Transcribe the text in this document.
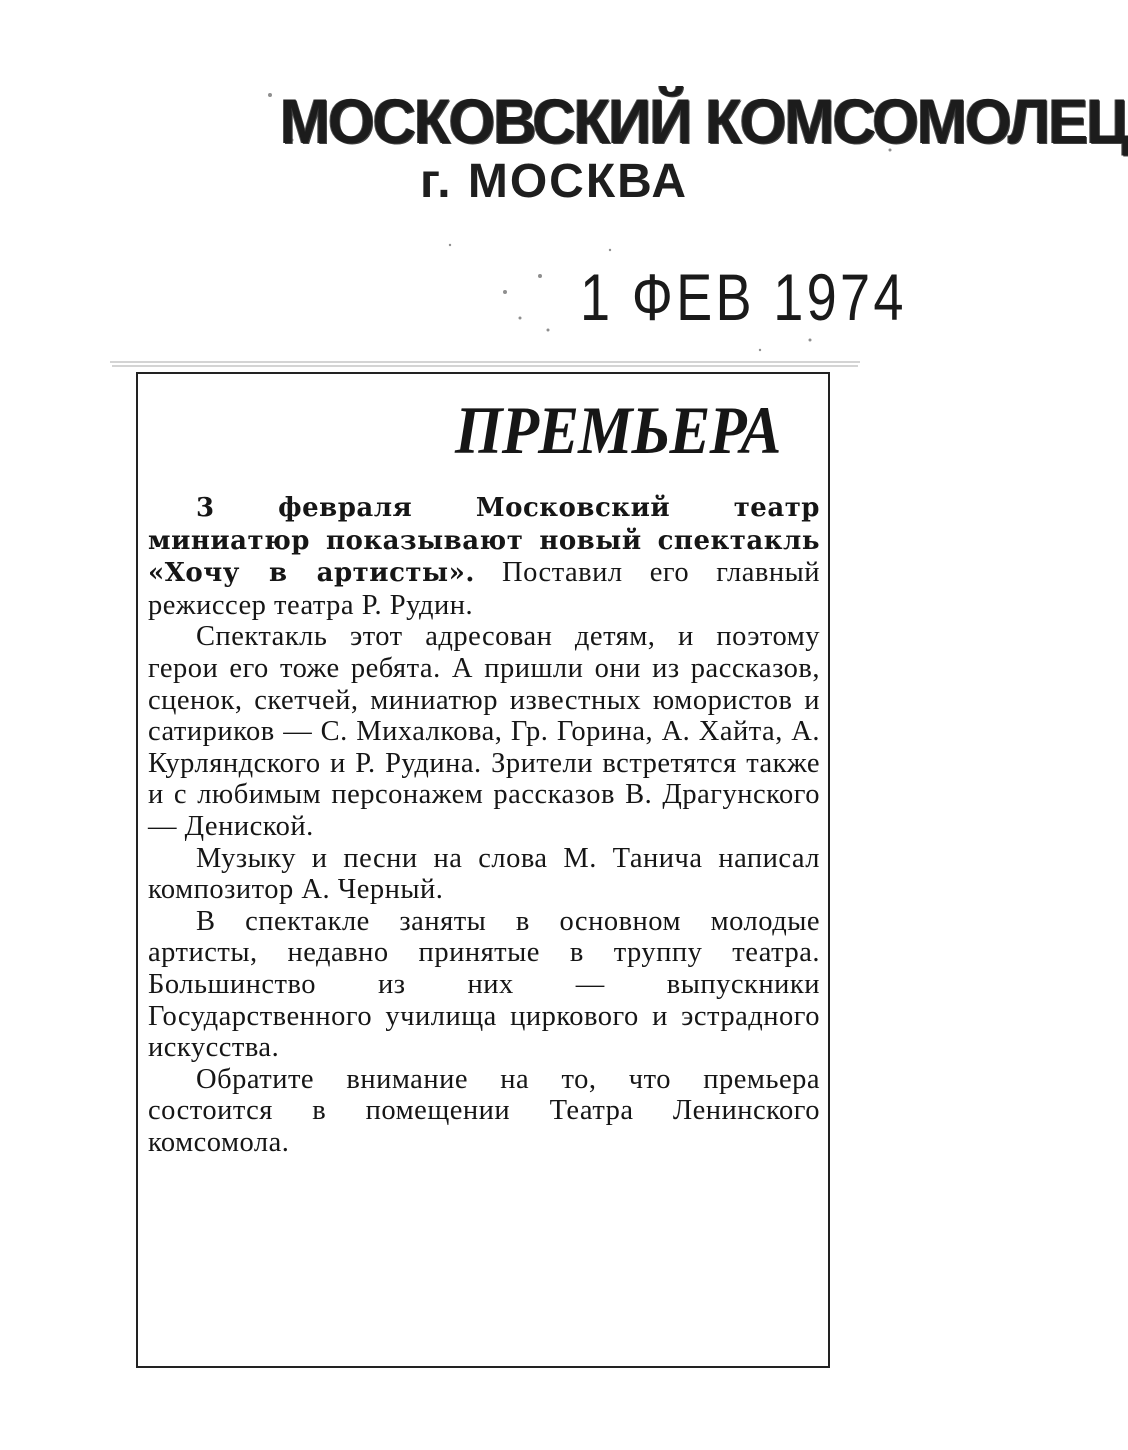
МОСКОВСКИЙ КОМСОМОЛЕЦ
г. МОСКВА
1 ФЕВ 1974
ПРЕМЬЕРА

3 февраля Московский театр миниатюр показывают новый спектакль «Хочу в артисты». Поставил его главный режиссер театра Р. Рудин.

Спектакль этот адресован детям, и поэтому герои его тоже ребята. А пришли они из рассказов, сценок, скетчей, миниатюр известных юмористов и сатириков — С. Михалкова, Гр. Горина, А. Хайта, А. Курляндского и Р. Рудина. Зрители встретятся также и с любимым персонажем рассказов В. Драгунского — Дениской.

Музыку и песни на слова М. Танича написал композитор А. Черный.

В спектакле заняты в основном молодые артисты, недавно принятые в труппу театра. Большинство из них — выпускники Государственного училища циркового и эстрадного искусства.

Обратите внимание на то, что премьера состоится в помещении Театра Ленинского комсомола.
